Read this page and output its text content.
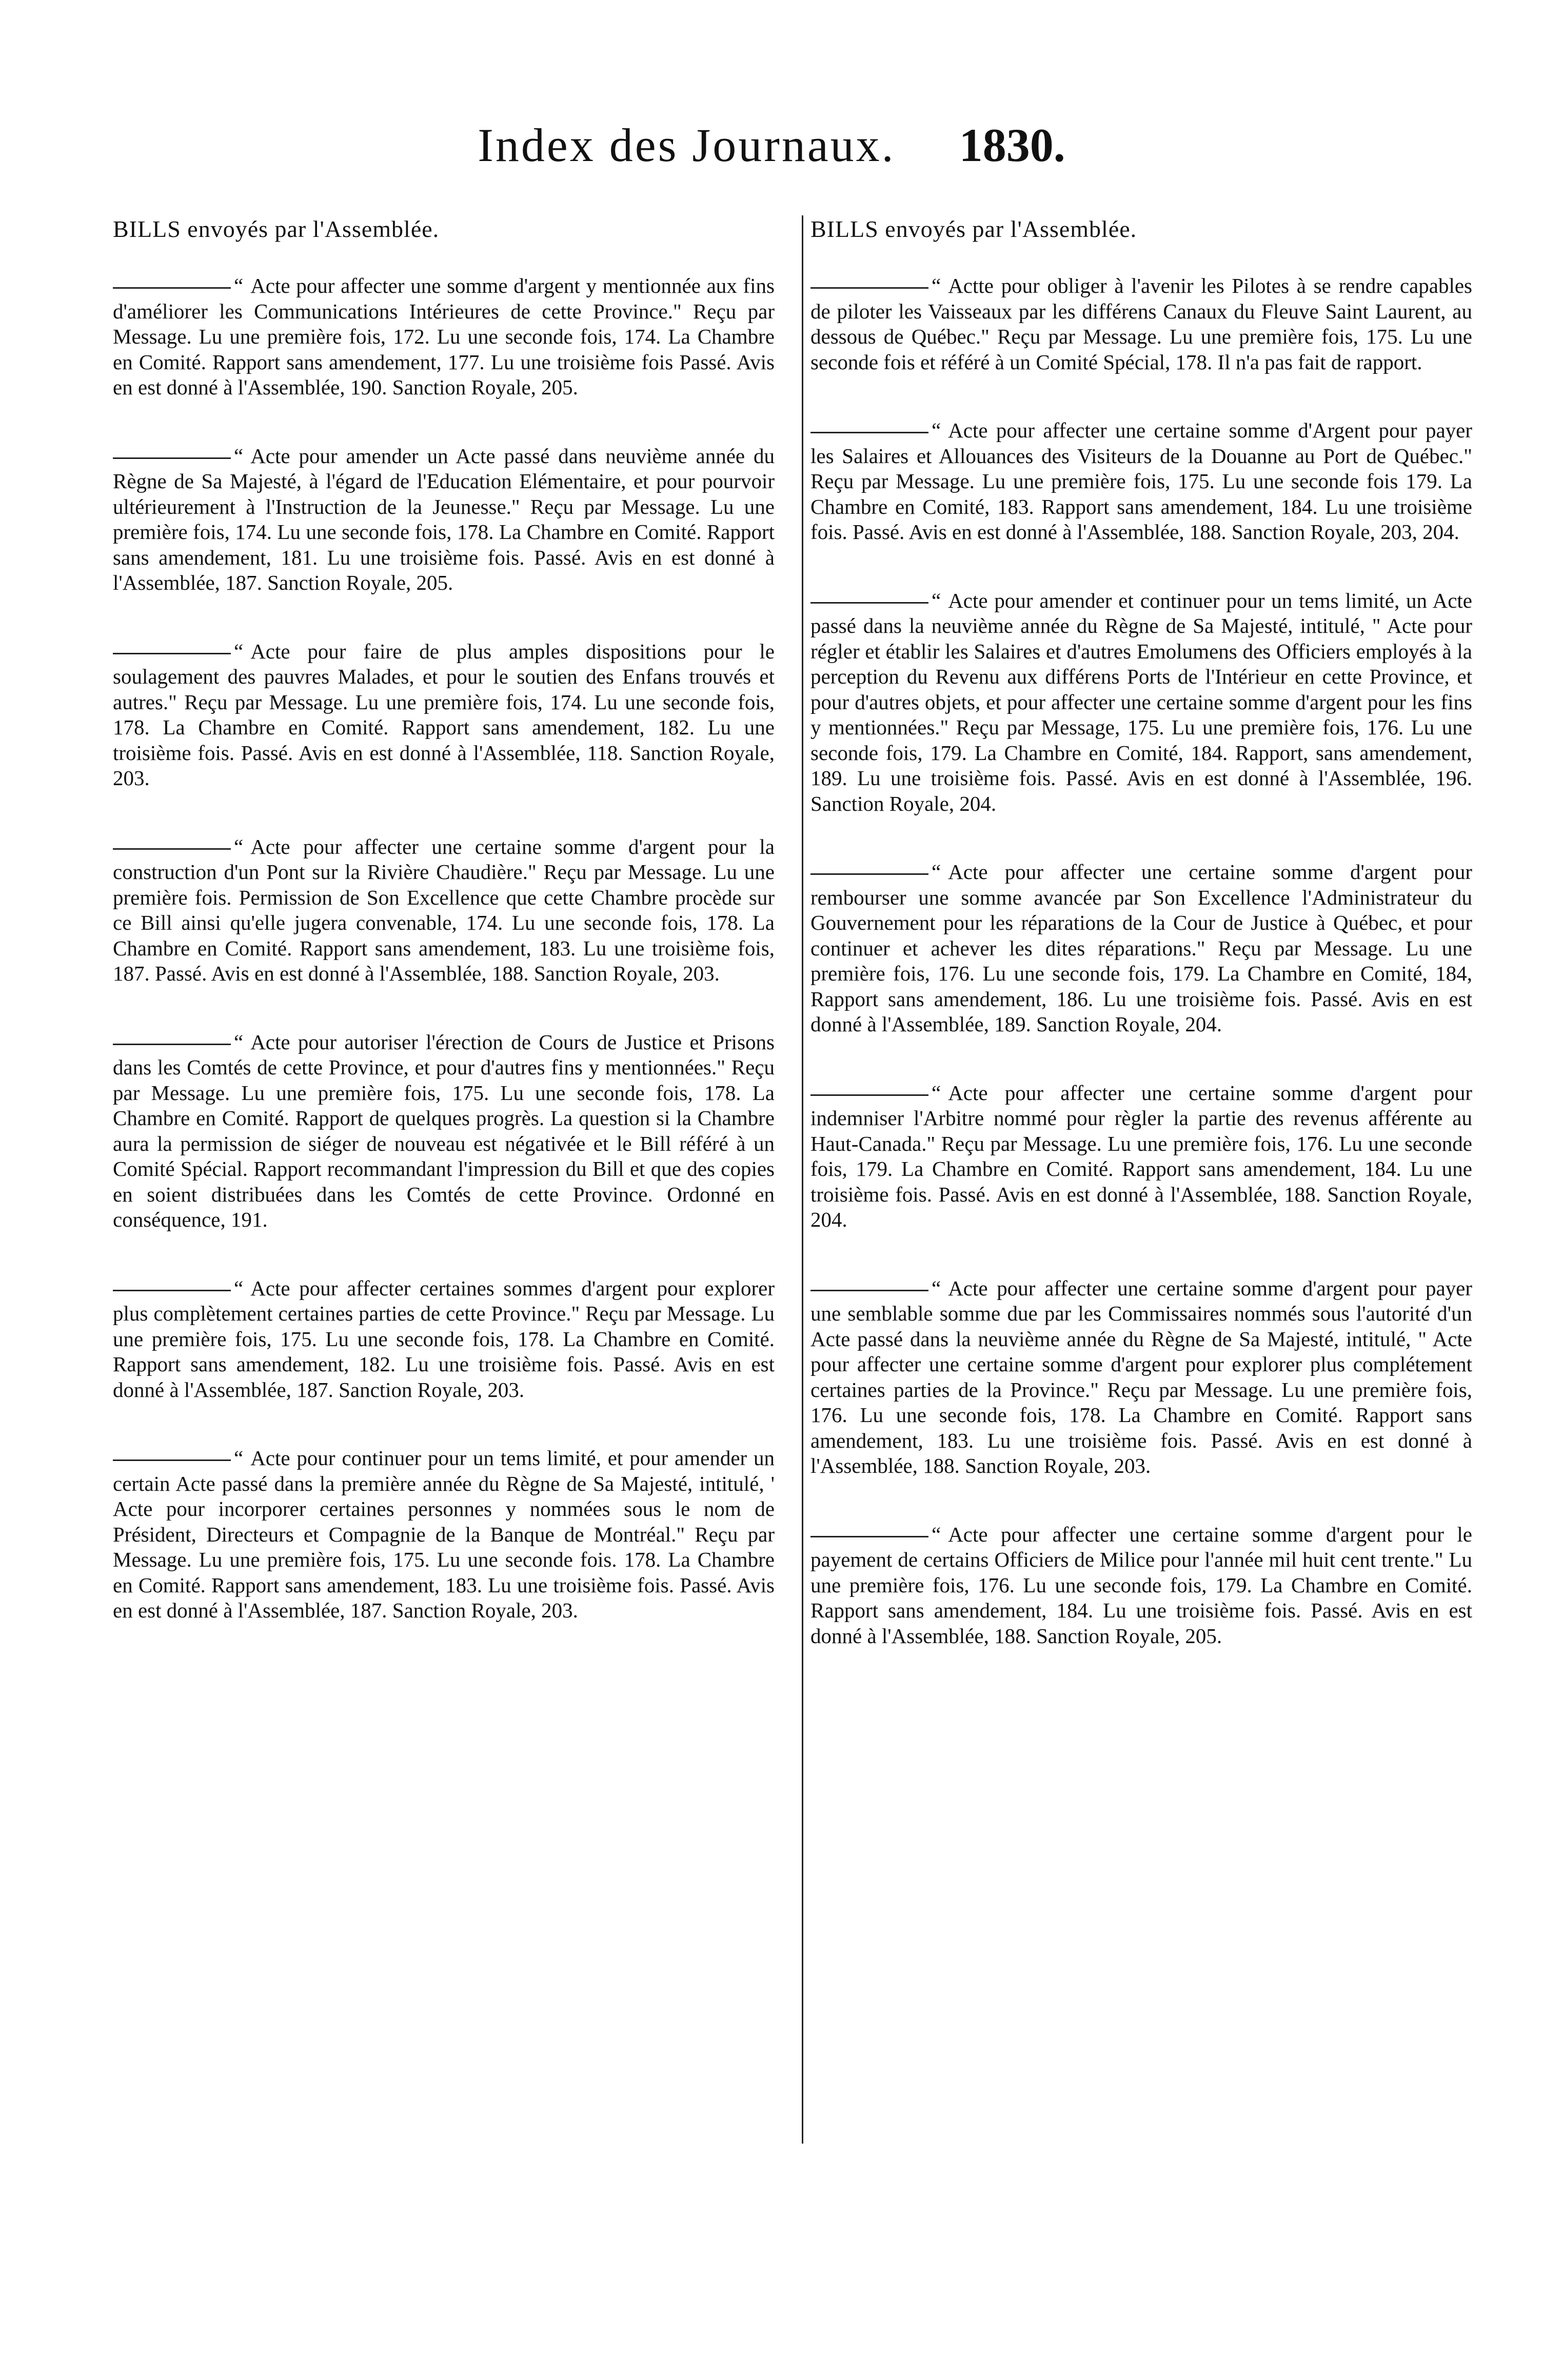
Index des Journaux. 1830.
BILLS envoyés par l'Assemblée.
“ Acte pour affecter une somme d'argent y mentionnée aux fins d'améliorer les Communications Intérieures de cette Province." Reçu par Message. Lu une première fois, 172. Lu une seconde fois, 174. La Chambre en Comité. Rapport sans amendement, 177. Lu une troisième fois Passé. Avis en est donné à l'Assemblée, 190. Sanction Royale, 205.
“ Acte pour amender un Acte passé dans neuvième année du Règne de Sa Majesté, à l'égard de l'Education Elémentaire, et pour pourvoir ultérieurement à l'Instruction de la Jeunesse." Reçu par Message. Lu une première fois, 174. Lu une seconde fois, 178. La Chambre en Comité. Rapport sans amendement, 181. Lu une troisième fois. Passé. Avis en est donné à l'Assemblée, 187. Sanction Royale, 205.
“ Acte pour faire de plus amples dispositions pour le soulagement des pauvres Malades, et pour le soutien des Enfans trouvés et autres." Reçu par Message. Lu une première fois, 174. Lu une seconde fois, 178. La Chambre en Comité. Rapport sans amendement, 182. Lu une troisième fois. Passé. Avis en est donné à l'Assemblée, 118. Sanction Royale, 203.
“ Acte pour affecter une certaine somme d'argent pour la construction d'un Pont sur la Rivière Chaudière." Reçu par Message. Lu une première fois. Permission de Son Excellence que cette Chambre procède sur ce Bill ainsi qu'elle jugera convenable, 174. Lu une seconde fois, 178. La Chambre en Comité. Rapport sans amendement, 183. Lu une troisième fois, 187. Passé. Avis en est donné à l'Assemblée, 188. Sanction Royale, 203.
“ Acte pour autoriser l'érection de Cours de Justice et Prisons dans les Comtés de cette Province, et pour d'autres fins y mentionnées." Reçu par Message. Lu une première fois, 175. Lu une seconde fois, 178. La Chambre en Comité. Rapport de quelques progrès. La question si la Chambre aura la permission de siéger de nouveau est négativée et le Bill référé à un Comité Spécial. Rapport recommandant l'impression du Bill et que des copies en soient distribuées dans les Comtés de cette Province. Ordonné en conséquence, 191.
“ Acte pour affecter certaines sommes d'argent pour explorer plus complètement certaines parties de cette Province." Reçu par Message. Lu une première fois, 175. Lu une seconde fois, 178. La Chambre en Comité. Rapport sans amendement, 182. Lu une troisième fois. Passé. Avis en est donné à l'Assemblée, 187. Sanction Royale, 203.
“ Acte pour continuer pour un tems limité, et pour amender un certain Acte passé dans la première année du Règne de Sa Majesté, intitulé, ' Acte pour incorporer certaines personnes y nommées sous le nom de Président, Directeurs et Compagnie de la Banque de Montréal." Reçu par Message. Lu une première fois, 175. Lu une seconde fois. 178. La Chambre en Comité. Rapport sans amendement, 183. Lu une troisième fois. Passé. Avis en est donné à l'Assemblée, 187. Sanction Royale, 203.
BILLS envoyés par l'Assemblée.
“ Actte pour obliger à l'avenir les Pilotes à se rendre capables de piloter les Vaisseaux par les différens Canaux du Fleuve Saint Laurent, au dessous de Québec." Reçu par Message. Lu une première fois, 175. Lu une seconde fois et référé à un Comité Spécial, 178. Il n'a pas fait de rapport.
“ Acte pour affecter une certaine somme d'Argent pour payer les Salaires et Allouances des Visiteurs de la Douanne au Port de Québec." Reçu par Message. Lu une première fois, 175. Lu une seconde fois 179. La Chambre en Comité, 183. Rapport sans amendement, 184. Lu une troisième fois. Passé. Avis en est donné à l'Assemblée, 188. Sanction Royale, 203, 204.
“ Acte pour amender et continuer pour un tems limité, un Acte passé dans la neuvième année du Règne de Sa Majesté, intitulé, " Acte pour régler et établir les Salaires et d'autres Emolumens des Officiers employés à la perception du Revenu aux différens Ports de l'Intérieur en cette Province, et pour d'autres objets, et pour affecter une certaine somme d'argent pour les fins y mentionnées." Reçu par Message, 175. Lu une première fois, 176. Lu une seconde fois, 179. La Chambre en Comité, 184. Rapport, sans amendement, 189. Lu une troisième fois. Passé. Avis en est donné à l'Assemblée, 196. Sanction Royale, 204.
“ Acte pour affecter une certaine somme d'argent pour rembourser une somme avancée par Son Excellence l'Administrateur du Gouvernement pour les réparations de la Cour de Justice à Québec, et pour continuer et achever les dites réparations." Reçu par Message. Lu une première fois, 176. Lu une seconde fois, 179. La Chambre en Comité, 184, Rapport sans amendement, 186. Lu une troisième fois. Passé. Avis en est donné à l'Assemblée, 189. Sanction Royale, 204.
“ Acte pour affecter une certaine somme d'argent pour indemniser l'Arbitre nommé pour règler la partie des revenus afférente au Haut-Canada." Reçu par Message. Lu une première fois, 176. Lu une seconde fois, 179. La Chambre en Comité. Rapport sans amendement, 184. Lu une troisième fois. Passé. Avis en est donné à l'Assemblée, 188. Sanction Royale, 204.
“ Acte pour affecter une certaine somme d'argent pour payer une semblable somme due par les Commissaires nommés sous l'autorité d'un Acte passé dans la neuvième année du Règne de Sa Majesté, intitulé, " Acte pour affecter une certaine somme d'argent pour explorer plus complétement certaines parties de la Province." Reçu par Message. Lu une première fois, 176. Lu une seconde fois, 178. La Chambre en Comité. Rapport sans amendement, 183. Lu une troisième fois. Passé. Avis en est donné à l'Assemblée, 188. Sanction Royale, 203.
“ Acte pour affecter une certaine somme d'argent pour le payement de certains Officiers de Milice pour l'année mil huit cent trente." Lu une première fois, 176. Lu une seconde fois, 179. La Chambre en Comité. Rapport sans amendement, 184. Lu une troisième fois. Passé. Avis en est donné à l'Assemblée, 188. Sanction Royale, 205.
